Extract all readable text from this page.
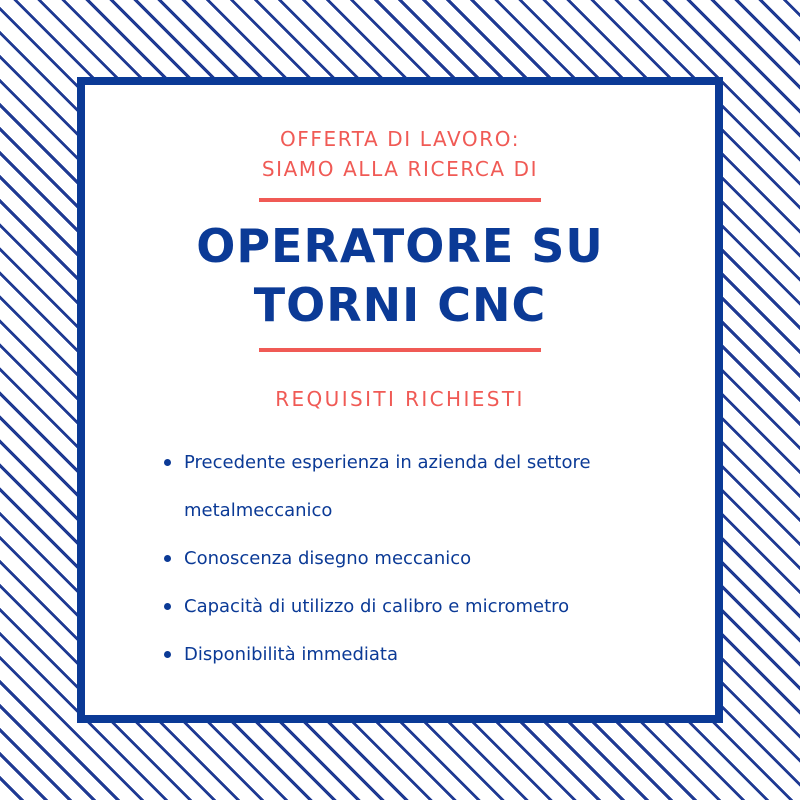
OFFERTA DI LAVORO:
SIAMO ALLA RICERCA DI
OPERATORE SU
TORNI CNC
REQUISITI RICHIESTI
Precedente esperienza in azienda del settore
metalmeccanico
Conoscenza disegno meccanico
Capacità di utilizzo di calibro e micrometro
Disponibilità immediata
